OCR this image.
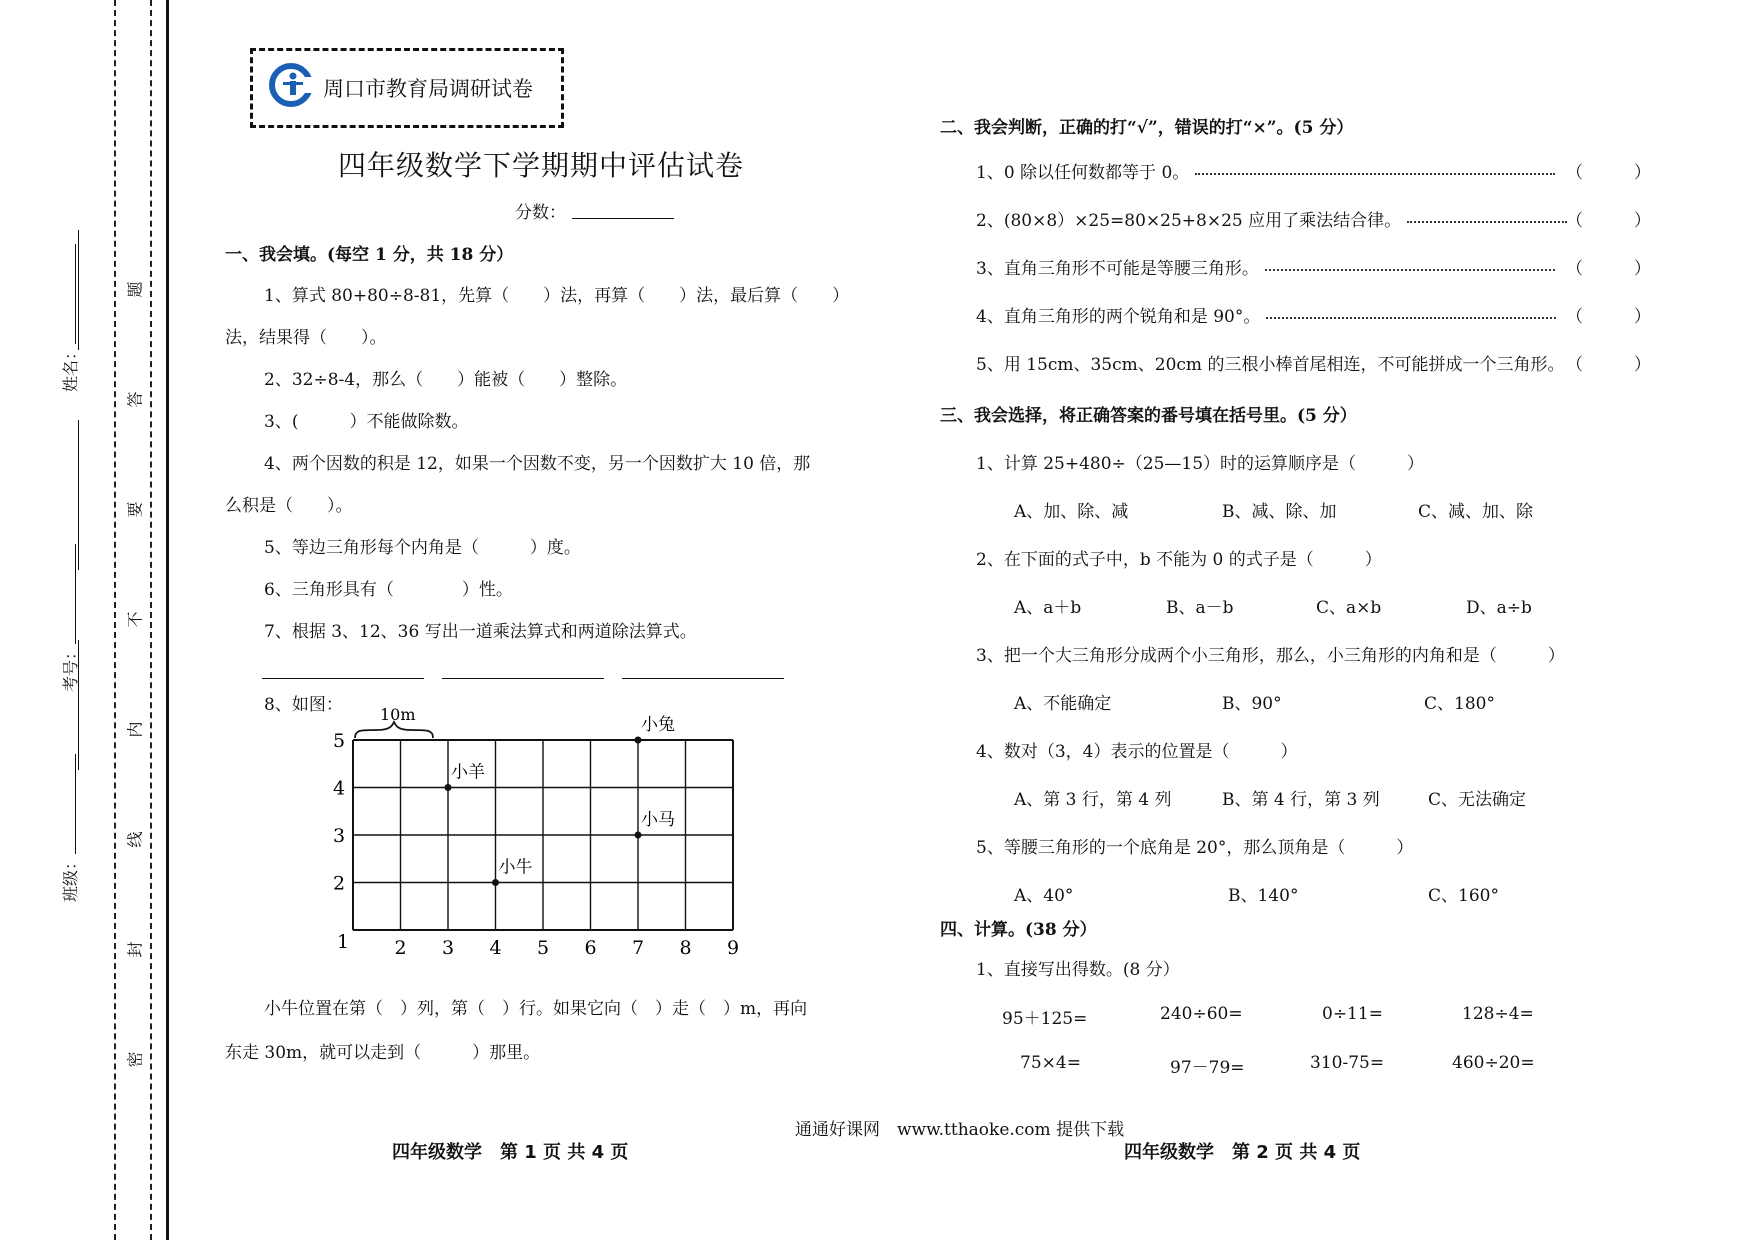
姓名：
考号：
班级：
题
答
要
不
内
线
封
密
周口市教育局调研试卷
四年级数学下学期期中评估试卷
分数：
一、我会填。(每空 1 分，共 18 分）
1、算式 80+80÷8-81，先算（　　）法，再算（　　）法，最后算（　　）
法，结果得（　　）。
2、32÷8-4，那么（　　）能被（　　）整除。
3、(　　　）不能做除数。
4、两个因数的积是 12，如果一个因数不变，另一个因数扩大 10 倍，那
么积是（　　）。
5、等边三角形每个内角是（　　　）度。
6、三角形具有（　　　　）性。
7、根据 3、12、36 写出一道乘法算式和两道除法算式。
8、如图：
1 2 3 4 5 6 7 8 9
2
3
4
5
小羊
小兔
小马
小牛
10m
小牛位置在第（　）列，第（　）行。如果它向（　）走（　）m，再向
东走 30m，就可以走到（　　　）那里。
二、我会判断，正确的打“√”，错误的打“×”。(5 分）
1、0 除以任何数都等于 0。	（　　　）
2、(80×8）×25=80×25+8×25 应用了乘法结合律。	（　　　）
3、直角三角形不可能是等腰三角形。	（　　　）
4、直角三角形的两个锐角和是 90°。	（　　　）
5、用 15cm、35cm、20cm 的三根小棒首尾相连，不可能拼成一个三角形。 （　　　）
三、我会选择，将正确答案的番号填在括号里。(5 分）
1、计算 25+480÷（25—15）时的运算顺序是（　　　）
A、加、除、减	B、减、除、加	C、减、加、除
2、在下面的式子中，b 不能为 0 的式子是（　　　）
A、a＋b	B、a－b	C、a×b	D、a÷b
3、把一个大三角形分成两个小三角形，那么，小三角形的内角和是（　　　）
A、不能确定	B、90°	C、180°
4、数对（3，4）表示的位置是（　　　）
A、第 3 行，第 4 列	B、第 4 行，第 3 列	C、无法确定
5、等腰三角形的一个底角是 20°，那么顶角是（　　　）
A、40°	B、140°	C、160°
四、计算。(38 分）
1、直接写出得数。(8 分）
95＋125=	240÷60=	0÷11=	128÷4=
75×4=	97－79=	310-75=	460÷20=
四年级数学　第 1 页 共 4 页
通通好课网　www.tthaoke.com 提供下载
四年级数学　第 2 页 共 4 页
